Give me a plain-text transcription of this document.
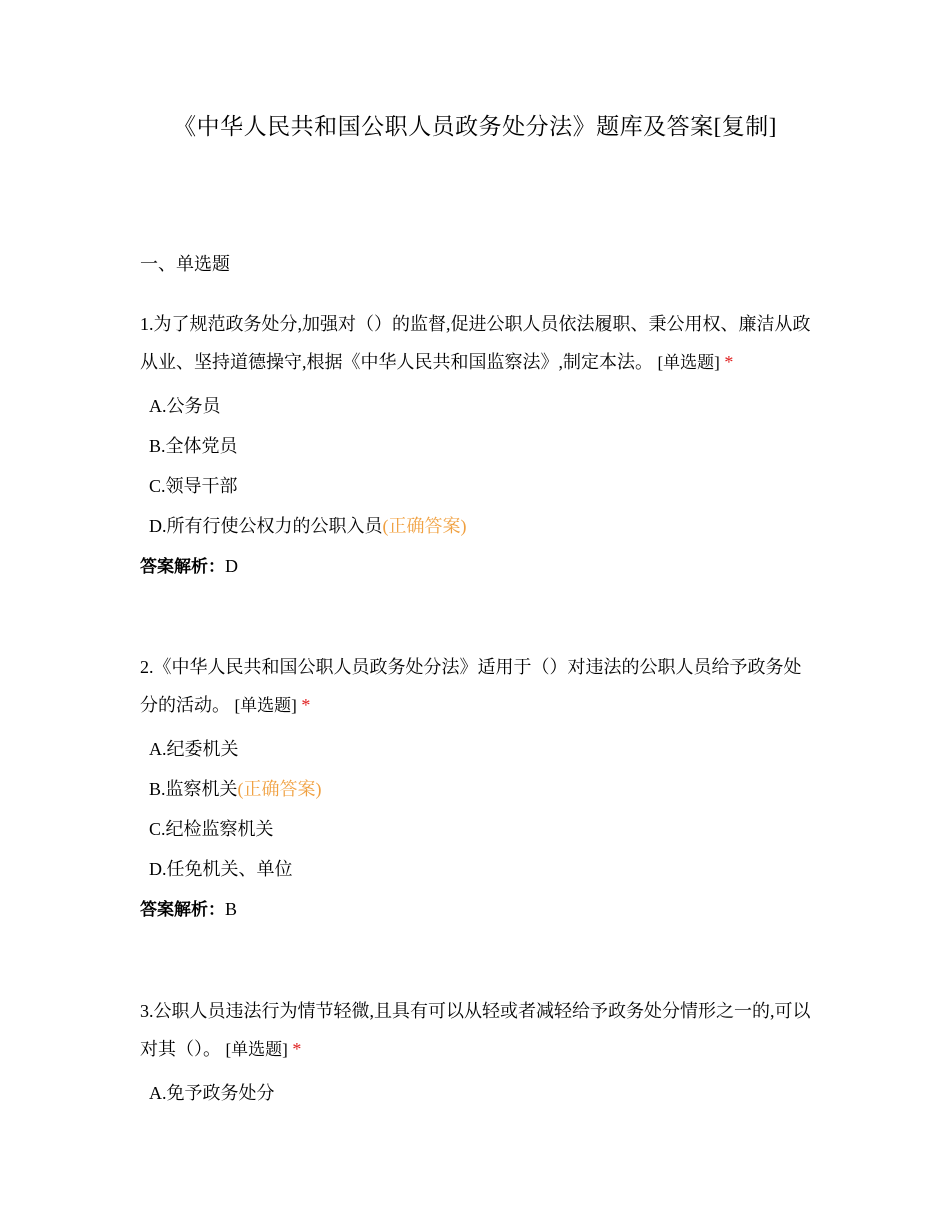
《中华人民共和国公职人员政务处分法》题库及答案[复制]
一、单选题

1.为了规范政务处分,加强对（）的监督,促进公职人员依法履职、秉公用权、廉洁从政从业、坚持道德操守,根据《中华人民共和国监察法》,制定本法。 [单选题] *

A.公务员
B.全体党员
C.领导干部
D.所有行使公权力的公职入员(正确答案)
答案解析：D

2.《中华人民共和国公职人员政务处分法》适用于（）对违法的公职人员给予政务处分的活动。 [单选题] *

A.纪委机关
B.监察机关(正确答案)
C.纪检监察机关
D.任免机关、单位
答案解析：B

3.公职人员违法行为情节轻微,且具有可以从轻或者减轻给予政务处分情形之一的,可以对其（）。 [单选题] *

A.免予政务处分
